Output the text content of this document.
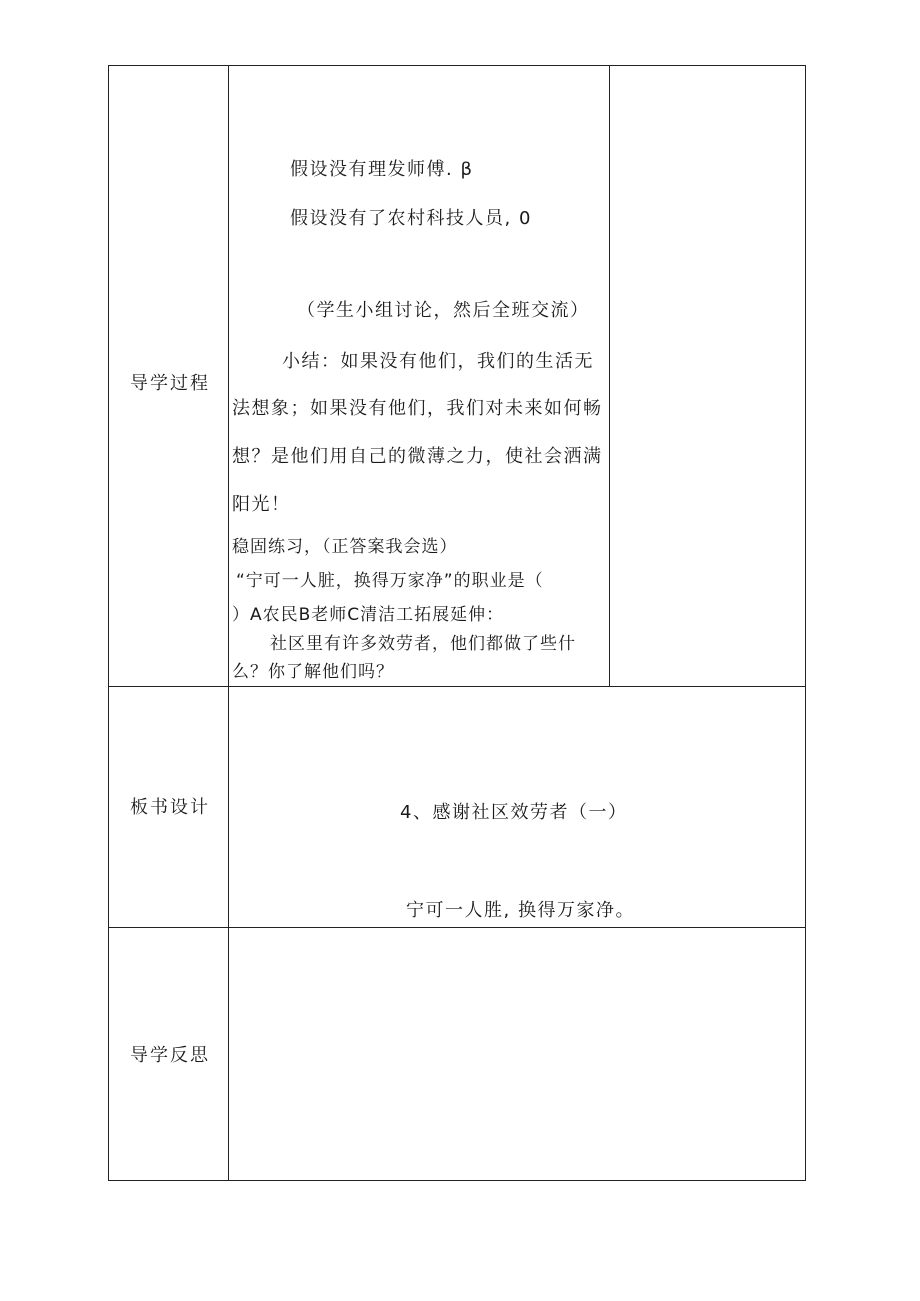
导学过程
板书设计
导学反思
假设没有理发师傅. β
假设没有了农村科技人员, 0
（学生小组讨论，然后全班交流）
小结：如果没有他们，我们的生活无
法想象；如果没有他们，我们对未来如何畅
想？是他们用自己的微薄之力，使社会洒满
阳光！
稳固练习，（正答案我会选）
“宁可一人脏，换得万家净”的职业是（
）A农民B老师C清洁工拓展延伸：
社区里有许多效劳者，他们都做了些什
么？你了解他们吗？
4、感谢社区效劳者（一）
宁可一人胜, 换得万家净。
